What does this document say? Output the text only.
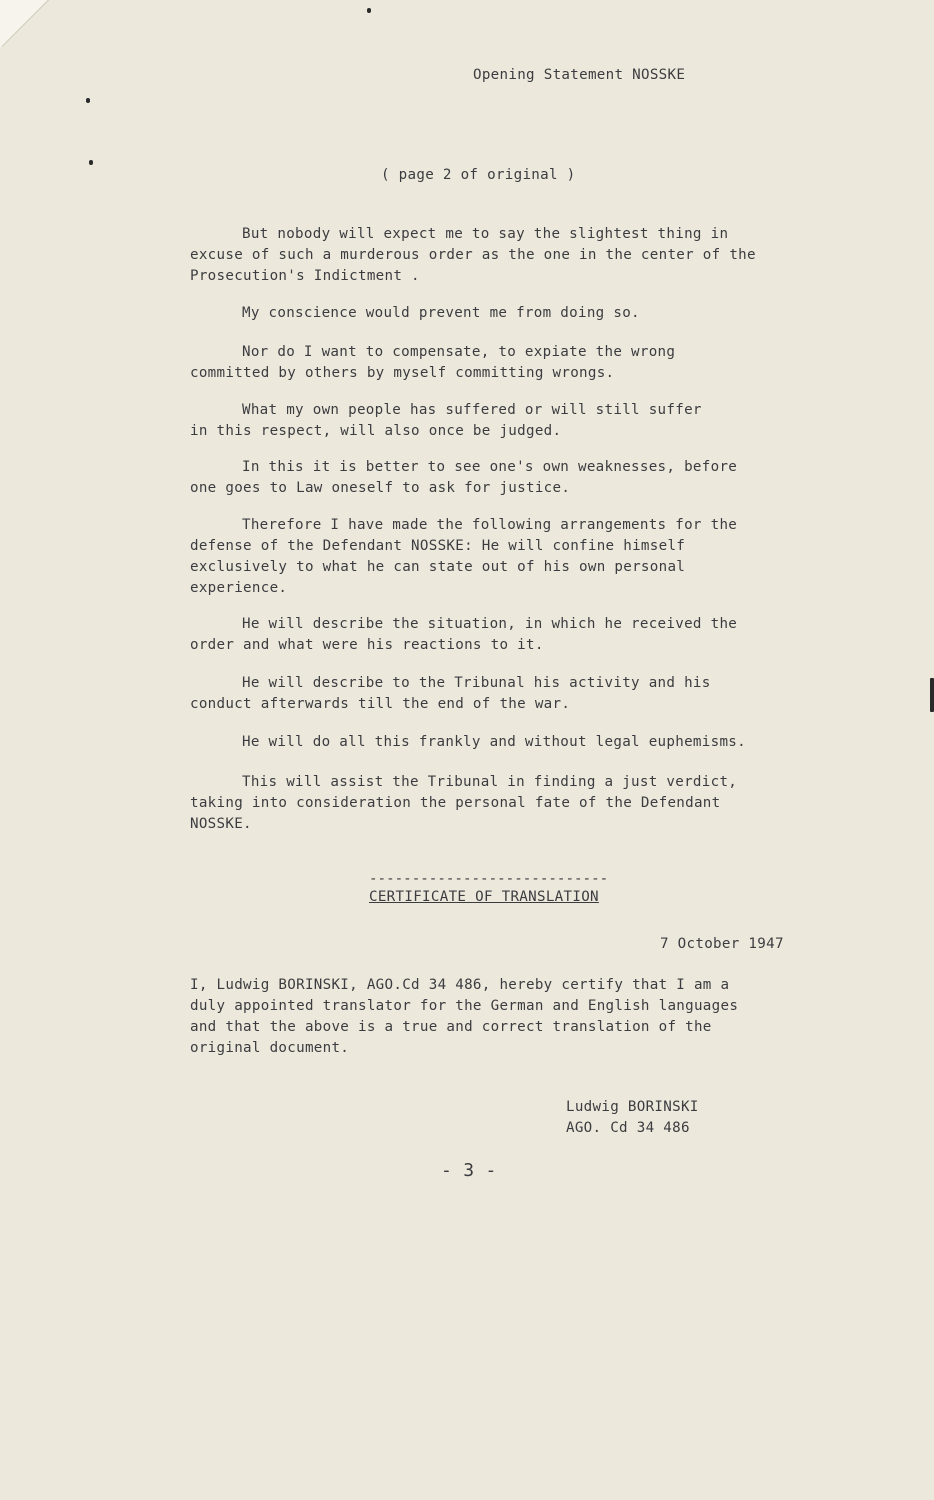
Opening Statement NOSSKE
( page 2 of original )
But nobody will expect me to say the slightest thing in
excuse of such a murderous order as the one in the center of the
Prosecution's Indictment .
My conscience would prevent me from doing so.
Nor do I want to compensate, to expiate the wrong
committed by others by myself committing wrongs.
What my own people has suffered or will still suffer
in this respect, will also once be judged.
In this it is better to see one's own weaknesses, before
one goes to Law oneself to ask for justice.
Therefore I have made the following arrangements for the
defense of the Defendant NOSSKE: He will confine himself
exclusively to what he can state out of his own personal
experience.
He will describe the situation, in which he received the
order and what were his reactions to it.
He will describe to the Tribunal his activity and his
conduct afterwards till the end of the war.
He will do all this frankly and without legal euphemisms.
This will assist the Tribunal in finding a just verdict,
taking into consideration the personal fate of the Defendant
NOSSKE.
----------------------------
CERTIFICATE OF TRANSLATION
7 October 1947
I, Ludwig BORINSKI, AGO.Cd 34 486, hereby certify that I am a
duly appointed translator for the German and English languages
and that the above is a true and correct translation of the
original document.
Ludwig BORINSKI
AGO. Cd 34 486
- 3 -
